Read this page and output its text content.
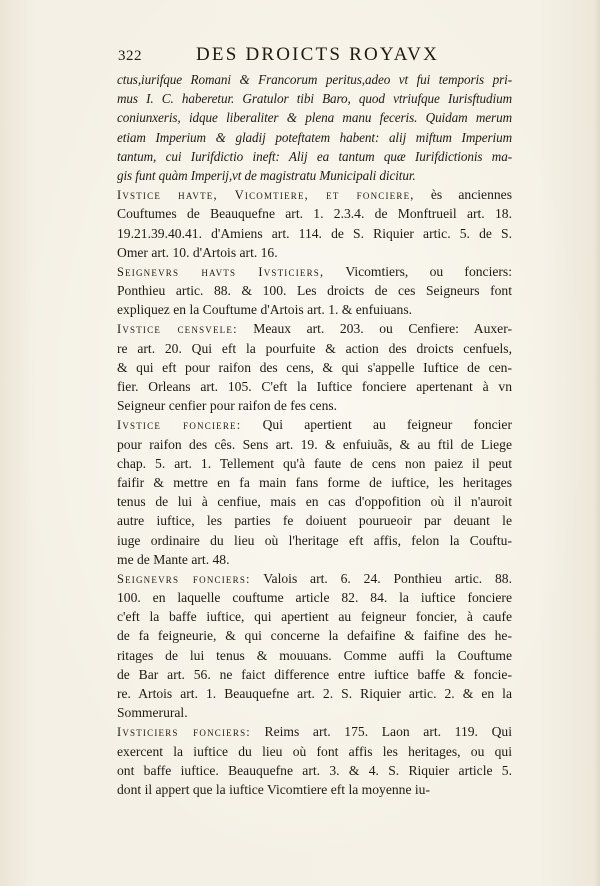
322	DES DROICTS ROYAVX
ctus,iurifque Romani & Francorum peritus,adeo vt fui temporis pri-
mus I. C. haberetur. Gratulor tibi Baro, quod vtriufque Iurisftudium
coniunxeris, idque liberaliter & plena manu feceris. Quidam merum
etiam Imperium & gladij poteftatem habent: alij miftum Imperium
tantum, cui Iurifdictio ineft: Alij ea tantum quæ Iurifdictionis ma-
gis funt quàm Imperij,vt de magistratu Municipali dicitur.
Ivstice havte, Vicomtiere, et fonciere, ès anciennes
Couftumes de Beauquefne art. 1. 2.3.4. de Monftrueil art. 18.
19.21.39.40.41. d'Amiens art. 114. de S. Riquier artic. 5. de S.
Omer art. 10. d'Artois art. 16.
Seignevrs havts Ivsticiers, Vicomtiers, ou fonciers:
Ponthieu artic. 88. & 100. Les droicts de ces Seigneurs font
expliquez en la Couftume d'Artois art. 1. & enfuiuans.
Ivstice censvele: Meaux art. 203. ou Cenfiere: Auxer-
re art. 20. Qui eft la pourfuite & action des droicts cenfuels,
& qui eft pour raifon des cens, & qui s'appelle Iuftice de cen-
fier. Orleans art. 105. C'eft la Iuftice fonciere apertenant à vn
Seigneur cenfier pour raifon de fes cens.
Ivstice fonciere: Qui apertient au feigneur foncier
pour raifon des cês. Sens art. 19. & enfuiuãs, & au ftil de Liege
chap. 5. art. 1. Tellement qu'à faute de cens non paiez il peut
faifir & mettre en fa main fans forme de iuftice, les heritages
tenus de lui à cenfiue, mais en cas d'oppofition où il n'auroit
autre iuftice, les parties fe doiuent pourueoir par deuant le
iuge ordinaire du lieu où l'heritage eft affis, felon la Couftu-
me de Mante art. 48.
Seignevrs fonciers: Valois art. 6. 24. Ponthieu artic. 88.
100. en laquelle couftume article 82. 84. la iuftice fonciere
c'eft la baffe iuftice, qui apertient au feigneur foncier, à caufe
de fa feigneurie, & qui concerne la defaifine & faifine des he-
ritages de lui tenus & mouuans. Comme auffi la Couftume
de Bar art. 56. ne faict difference entre iuftice baffe & foncie-
re. Artois art. 1. Beauquefne art. 2. S. Riquier artic. 2. & en la
Sommerural.
Ivsticiers fonciers: Reims art. 175. Laon art. 119. Qui
exercent la iuftice du lieu où font affis les heritages, ou qui
ont baffe iuftice. Beauquefne art. 3. & 4. S. Riquier article 5.
dont il appert que la iuftice Vicomtiere eft la moyenne iu-
